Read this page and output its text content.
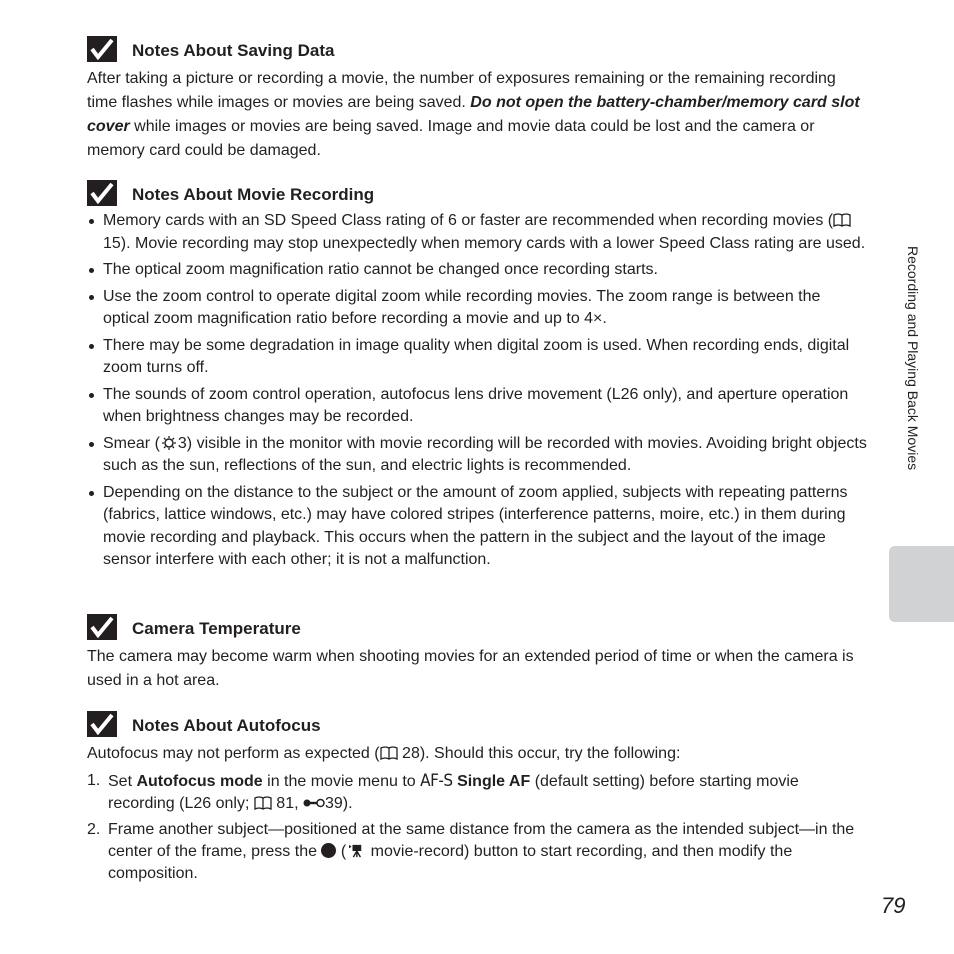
Notes About Saving Data
After taking a picture or recording a movie, the number of exposures remaining or the remaining recording time flashes while images or movies are being saved. Do not open the battery-chamber/memory card slot cover while images or movies are being saved. Image and movie data could be lost and the camera or memory card could be damaged.
Notes About Movie Recording
Memory cards with an SD Speed Class rating of 6 or faster are recommended when recording movies ( 15). Movie recording may stop unexpectedly when memory cards with a lower Speed Class rating are used.
The optical zoom magnification ratio cannot be changed once recording starts.
Use the zoom control to operate digital zoom while recording movies. The zoom range is between the optical zoom magnification ratio before recording a movie and up to 4×.
There may be some degradation in image quality when digital zoom is used. When recording ends, digital zoom turns off.
The sounds of zoom control operation, autofocus lens drive movement (L26 only), and aperture operation when brightness changes may be recorded.
Smear ( 3) visible in the monitor with movie recording will be recorded with movies. Avoiding bright objects such as the sun, reflections of the sun, and electric lights is recommended.
Depending on the distance to the subject or the amount of zoom applied, subjects with repeating patterns (fabrics, lattice windows, etc.) may have colored stripes (interference patterns, moire, etc.) in them during movie recording and playback. This occurs when the pattern in the subject and the layout of the image sensor interfere with each other; it is not a malfunction.
Camera Temperature
The camera may become warm when shooting movies for an extended period of time or when the camera is used in a hot area.
Notes About Autofocus
Autofocus may not perform as expected ( 28). Should this occur, try the following:
1. Set Autofocus mode in the movie menu to AF-S Single AF (default setting) before starting movie recording (L26 only;  81, 39).
2. Frame another subject—positioned at the same distance from the camera as the intended subject—in the center of the frame, press the  ( movie-record) button to start recording, and then modify the composition.
Recording and Playing Back Movies
79
